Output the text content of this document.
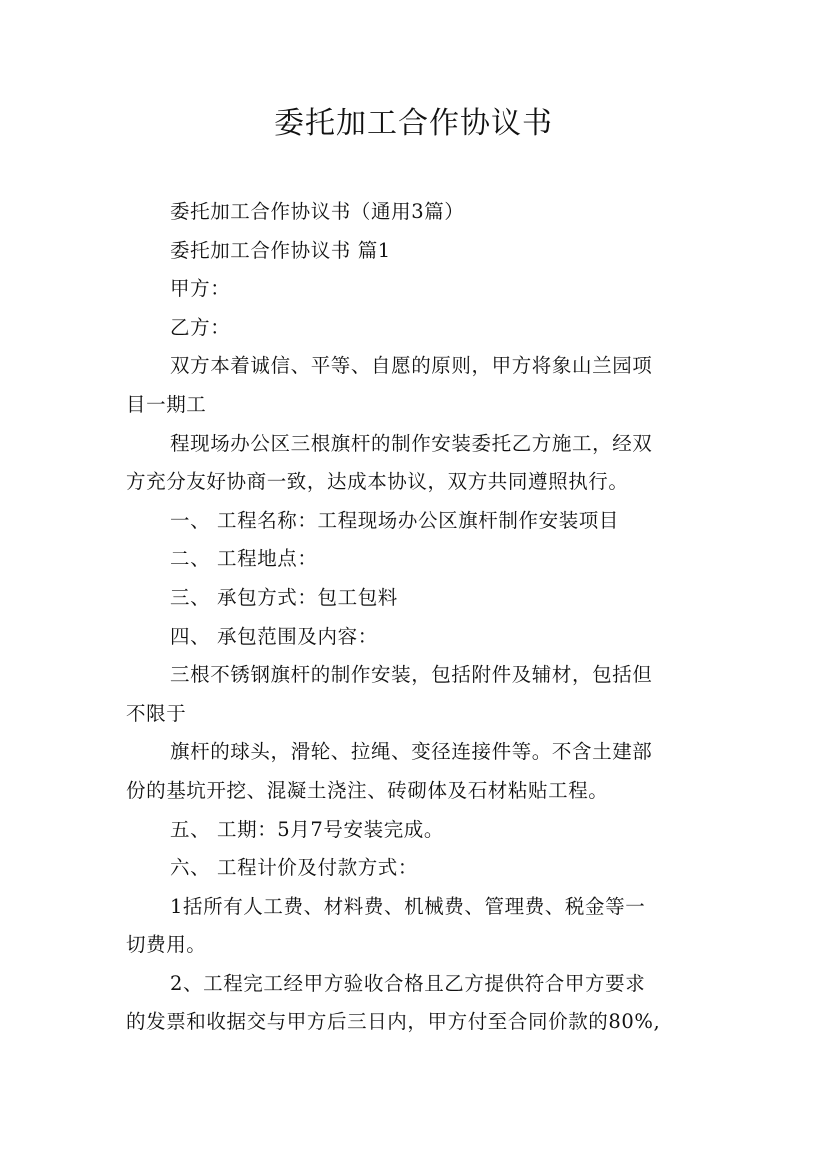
委托加工合作协议书

委托加工合作协议书（通用3篇）

委托加工合作协议书 篇1

甲方：

乙方：

双方本着诚信、平等、自愿的原则，甲方将象山兰园项
目一期工

程现场办公区三根旗杆的制作安装委托乙方施工，经双
方充分友好协商一致，达成本协议，双方共同遵照执行。

一、 工程名称：工程现场办公区旗杆制作安装项目

二、 工程地点：

三、 承包方式：包工包料

四、 承包范围及内容：

三根不锈钢旗杆的制作安装，包括附件及辅材，包括但
不限于

旗杆的球头，滑轮、拉绳、变径连接件等。不含土建部
份的基坑开挖、混凝土浇注、砖砌体及石材粘贴工程。

五、 工期：5月7号安装完成。

六、 工程计价及付款方式：

1括所有人工费、材料费、机械费、管理费、税金等一
切费用。

2、工程完工经甲方验收合格且乙方提供符合甲方要求
的发票和收据交与甲方后三日内，甲方付至合同价款的80%,
